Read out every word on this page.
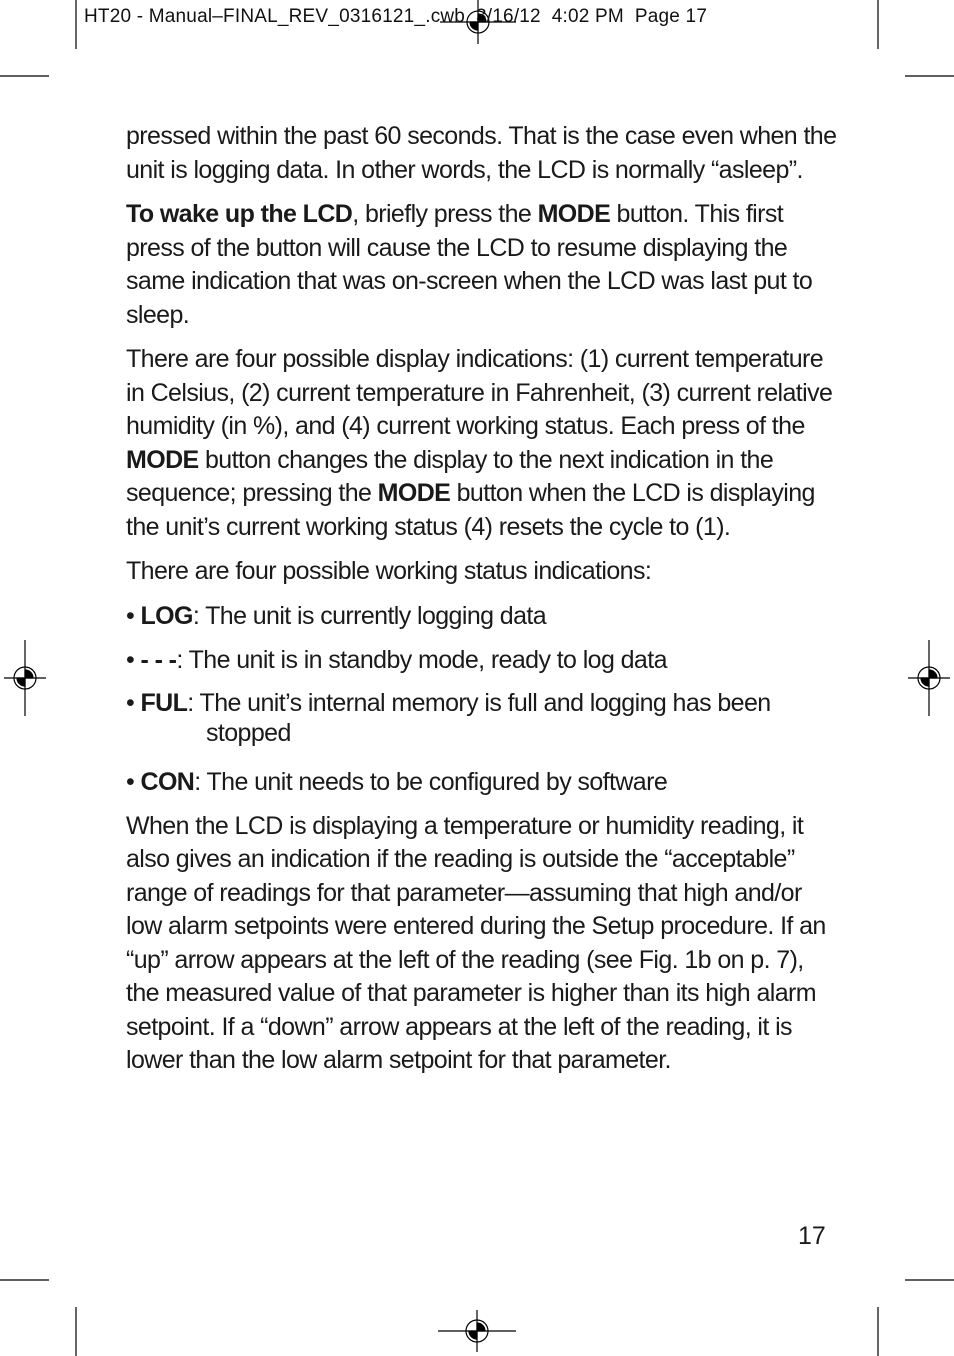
HT20 - Manual–FINAL_REV_0316121_.cwb  3/16/12  4:02 PM  Page 17

pressed within the past 60 seconds. That is the case even when the unit is logging data. In other words, the LCD is normally “asleep”.

To wake up the LCD, briefly press the MODE button. This first press of the button will cause the LCD to resume displaying the same indication that was on-screen when the LCD was last put to sleep.

There are four possible display indications: (1) current temperature in Celsius, (2) current temperature in Fahrenheit, (3) current relative humidity (in %), and (4) current working status. Each press of the MODE button changes the display to the next indication in the sequence; pressing the MODE button when the LCD is displaying the unit’s current working status (4) resets the cycle to (1).

There are four possible working status indications:

• LOG: The unit is currently logging data
• - - -: The unit is in standby mode, ready to log data
• FUL: The unit’s internal memory is full and logging has been stopped
• CON: The unit needs to be configured by software

When the LCD is displaying a temperature or humidity reading, it also gives an indication if the reading is outside the “acceptable” range of readings for that parameter—assuming that high and/or low alarm setpoints were entered during the Setup procedure. If an “up” arrow appears at the left of the reading (see Fig. 1b on p. 7), the measured value of that parameter is higher than its high alarm setpoint. If a “down” arrow appears at the left of the reading, it is lower than the low alarm setpoint for that parameter.

17
